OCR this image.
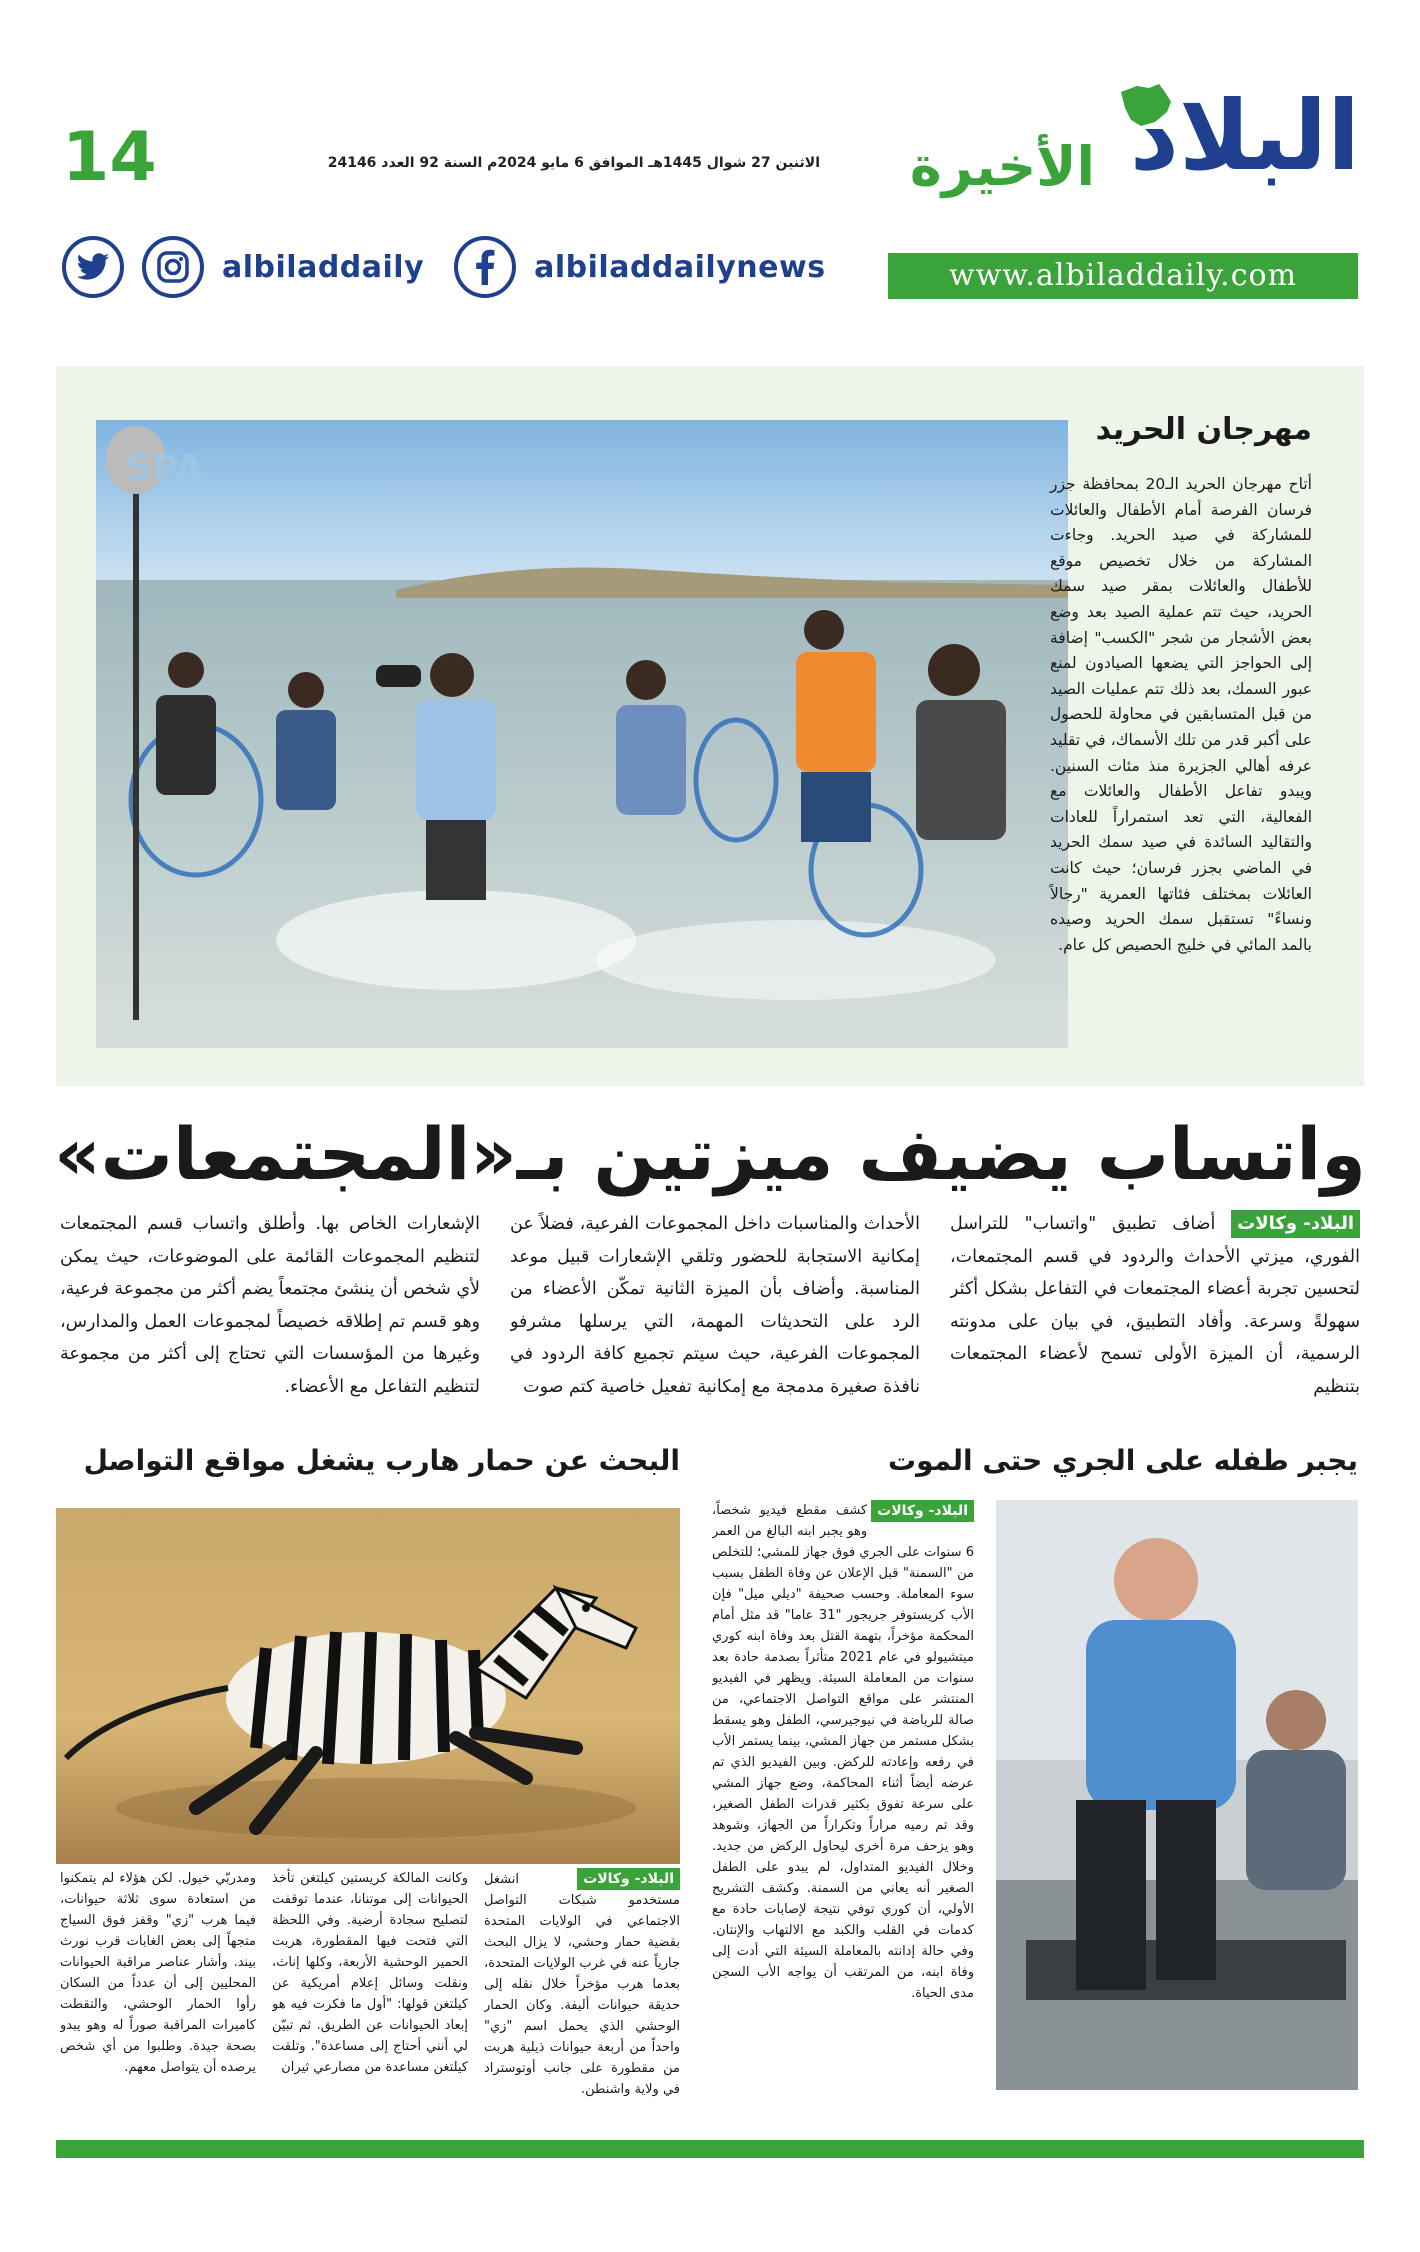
البلاد
الأخيرة
الاثنين 27 شوال 1445هـ الموافق 6 مايو 2024م السنة 92 العدد 24146
14
www.albiladdaily.com
albiladdaily	albiladdailynews
SPA
مهرجان الحريد
أتاح مهرجان الحريد الـ20 بمحافظة جزر فرسان الفرصة أمام الأطفال والعائلات للمشاركة في صيد الحريد. وجاءت المشاركة من خلال تخصيص موقع للأطفال والعائلات بمقر صيد سمك الحريد، حيث تتم عملية الصيد بعد وضع بعض الأشجار من شجر "الكسب" إضافة إلى الحواجز التي يضعها الصيادون لمنع عبور السمك، بعد ذلك تتم عمليات الصيد من قبل المتسابقين في محاولة للحصول على أكبر قدر من تلك الأسماك، في تقليد عرفه أهالي الجزيرة منذ مئات السنين. ويبدو تفاعل الأطفال والعائلات مع الفعالية، التي تعد استمراراً للعادات والتقاليد السائدة في صيد سمك الحريد في الماضي بجزر فرسان؛ حيث كانت العائلات بمختلف فئاتها العمرية "رجالاً ونساءً" تستقبل سمك الحريد وصيده بالمد المائي في خليج الحصيص كل عام.
واتساب يضيف ميزتين بـ«المجتمعات»
البلاد- وكالات أضاف تطبيق "واتساب" للتراسل الفوري، ميزتي الأحداث والردود في قسم المجتمعات، لتحسين تجربة أعضاء المجتمعات في التفاعل بشكل أكثر سهولةً وسرعة. وأفاد التطبيق، في بيان على مدونته الرسمية، أن الميزة الأولى تسمح لأعضاء المجتمعات بتنظيم
الأحداث والمناسبات داخل المجموعات الفرعية، فضلاً عن إمكانية الاستجابة للحضور وتلقي الإشعارات قبيل موعد المناسبة. وأضاف بأن الميزة الثانية تمكّن الأعضاء من الرد على التحديثات المهمة، التي يرسلها مشرفو المجموعات الفرعية، حيث سيتم تجميع كافة الردود في نافذة صغيرة مدمجة مع إمكانية تفعيل خاصية كتم صوت
الإشعارات الخاص بها. وأطلق واتساب قسم المجتمعات لتنظيم المجموعات القائمة على الموضوعات، حيث يمكن لأي شخص أن ينشئ مجتمعاً يضم أكثر من مجموعة فرعية، وهو قسم تم إطلاقه خصيصاً لمجموعات العمل والمدارس، وغيرها من المؤسسات التي تحتاج إلى أكثر من مجموعة لتنظيم التفاعل مع الأعضاء.
يجبر طفله على الجري حتى الموت
البلاد- وكالات
كشف مقطع فيديو شخصاً، وهو يجبر ابنه البالغ من العمر 6 سنوات على الجري فوق جهاز للمشي؛ للتخلص من "السمنة" قبل الإعلان عن وفاة الطفل بسبب سوء المعاملة. وحسب صحيفة "ديلي ميل" فإن الأب كريستوفر جريجور "31 عاما" قد مثل أمام المحكمة مؤخراً، بتهمة القتل بعد وفاة ابنه كوري ميتشيولو في عام 2021 متأثراً بصدمة حادة بعد سنوات من المعاملة السيئة. ويظهر في الفيديو المنتشر على مواقع التواصل الاجتماعي، من صالة للرياضة في نيوجيرسي، الطفل وهو يسقط بشكل مستمر من جهاز المشي، بينما يستمر الأب في رفعه وإعادته للركض. وبين الفيديو الذي تم عرضه أيضاً أثناء المحاكمة، وضع جهاز المشي على سرعة تفوق بكثير قدرات الطفل الصغير، وقد تم رميه مراراً وتكراراً من الجهاز، وشوهد وهو يزحف مرة أخرى ليحاول الركض من جديد. وخلال الفيديو المتداول، لم يبدو على الطفل الصغير أنه يعاني من السمنة. وكشف التشريح الأولي، أن كوري توفي نتيجة لإصابات حادة مع كدمات في القلب والكبد مع الالتهاب والإنتان. وفي حالة إدانته بالمعاملة السيئة التي أدت إلى وفاة ابنه، من المرتقب أن يواجه الأب السجن مدى الحياة.
البحث عن حمار هارب يشغل مواقع التواصل
البلاد- وكالات انشغل مستخدمو شبكات التواصل الاجتماعي في الولايات المتحدة بقضية حمار وحشي، لا يزال البحث جارياً عنه في غرب الولايات المتحدة، بعدما هرب مؤخراً خلال نقله إلى حديقة حيوانات أليفة. وكان الحمار الوحشي الذي يحمل اسم "زي" واحداً من أربعة حيوانات ذيلية هربت من مقطورة على جانب أوتوستراد في ولاية واشنطن.
وكانت المالكة كريستين كيلتغن تأخذ الحيوانات إلى موتنانا، عندما توقفت لتصليح سجادة أرضية. وفي اللحظة التي فتحت فيها المقطورة، هربت الحمير الوحشية الأربعة، وكلها إناث، ونقلت وسائل إعلام أمريكية عن كيلتغن قولها: "أول ما فكرت فيه هو إبعاد الحيوانات عن الطريق. ثم تبيّن لي أنني أحتاج إلى مساعدة". وتلقت كيلتغن مساعدة من مصارعي ثيران
ومدربّي خيول. لكن هؤلاء لم يتمكنوا من استعادة سوى ثلاثة حيوانات، فيما هرب "زي" وقفز فوق السياج متجهاً إلى بعض الغابات قرب نورث بيند. وأشار عناصر مراقبة الحيوانات المحليين إلى أن عدداً من السكان رأوا الحمار الوحشي، والتقطت كاميرات المراقبة صوراً له وهو يبدو بصحة جيدة. وطلبوا من أي شخص يرصده أن يتواصل معهم.
